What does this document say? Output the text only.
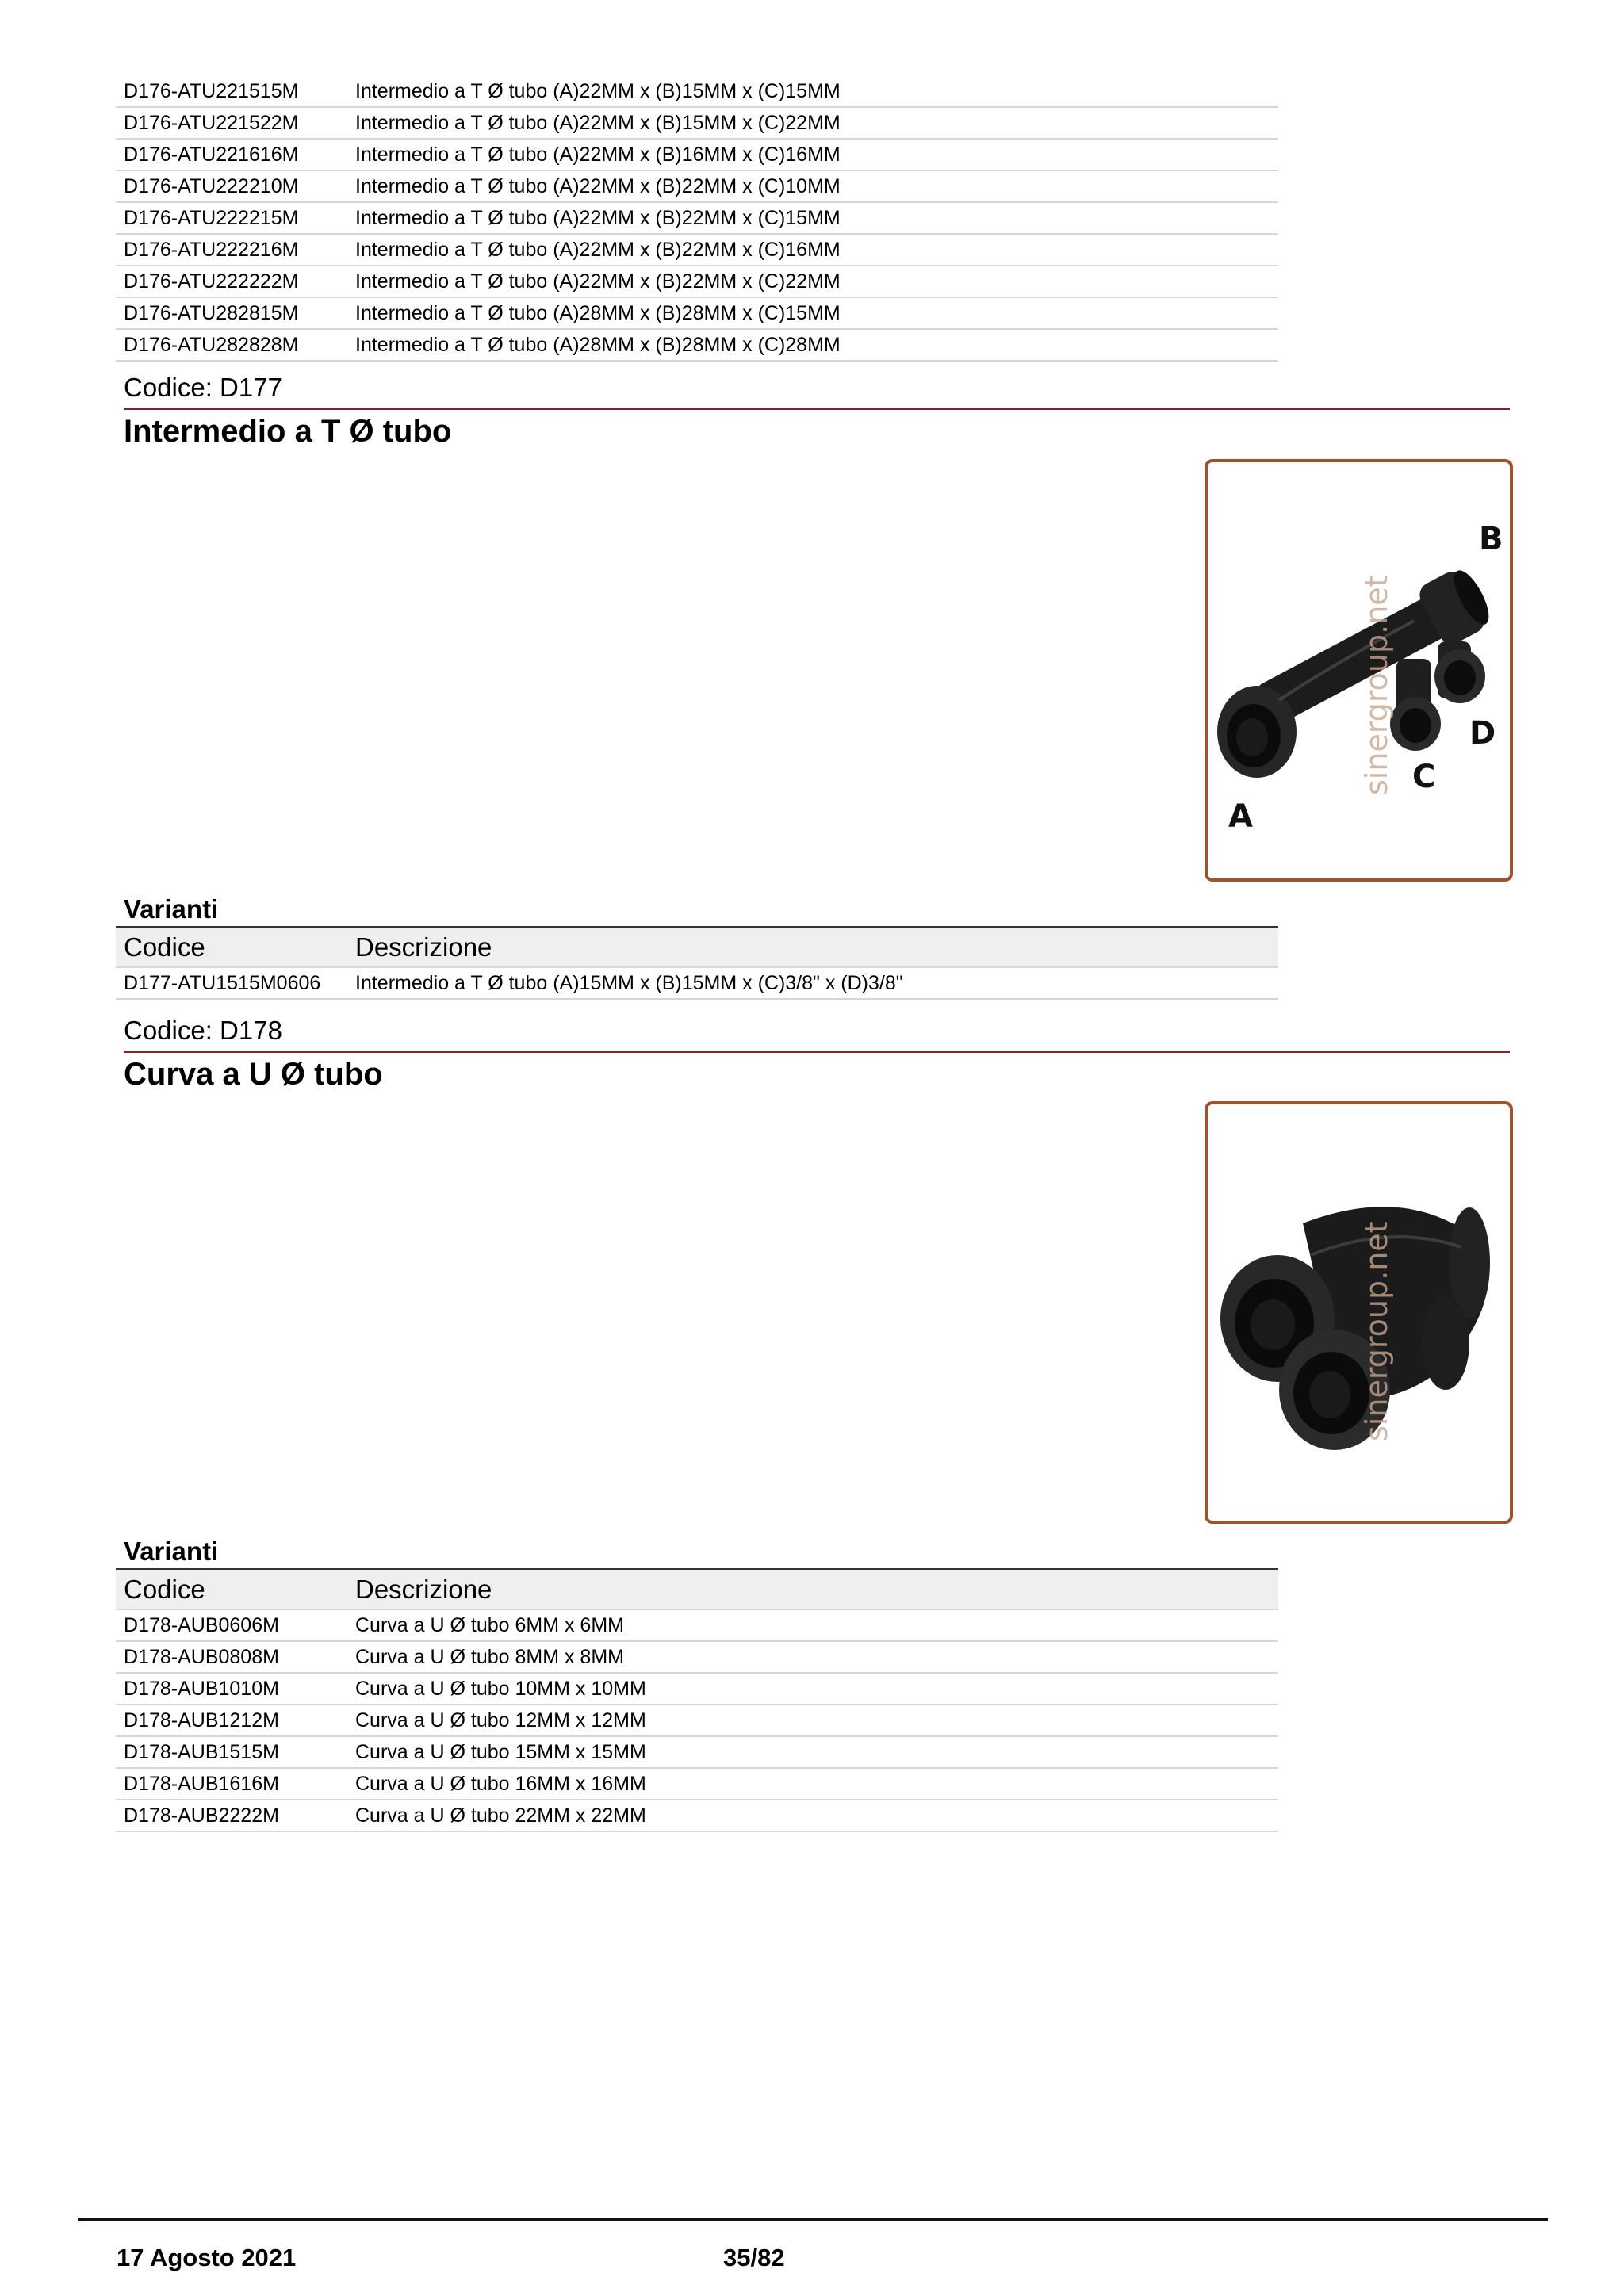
D176-ATU221515M	Intermedio a T Ø tubo (A)22MM x (B)15MM x (C)15MM
D176-ATU221522M	Intermedio a T Ø tubo (A)22MM x (B)15MM x (C)22MM
D176-ATU221616M	Intermedio a T Ø tubo (A)22MM x (B)16MM x (C)16MM
D176-ATU222210M	Intermedio a T Ø tubo (A)22MM x (B)22MM x (C)10MM
D176-ATU222215M	Intermedio a T Ø tubo (A)22MM x (B)22MM x (C)15MM
D176-ATU222216M	Intermedio a T Ø tubo (A)22MM x (B)22MM x (C)16MM
D176-ATU222222M	Intermedio a T Ø tubo (A)22MM x (B)22MM x (C)22MM
D176-ATU282815M	Intermedio a T Ø tubo (A)28MM x (B)28MM x (C)15MM
D176-ATU282828M	Intermedio a T Ø tubo (A)28MM x (B)28MM x (C)28MM
Codice: D177
Intermedio a T Ø tubo
B
D
C
A
sinergroup.net
Varianti
Codice	Descrizione
D177-ATU1515M0606	Intermedio a T Ø tubo (A)15MM x (B)15MM x (C)3/8" x (D)3/8"
Codice: D178
Curva a U Ø tubo
sinergroup.net
Varianti
Codice	Descrizione
D178-AUB0606M	Curva a U Ø tubo 6MM x 6MM
D178-AUB0808M	Curva a U Ø tubo 8MM x 8MM
D178-AUB1010M	Curva a U Ø tubo 10MM x 10MM
D178-AUB1212M	Curva a U Ø tubo 12MM x 12MM
D178-AUB1515M	Curva a U Ø tubo 15MM x 15MM
D178-AUB1616M	Curva a U Ø tubo 16MM x 16MM
D178-AUB2222M	Curva a U Ø tubo 22MM x 22MM
17 Agosto 2021	35/82
